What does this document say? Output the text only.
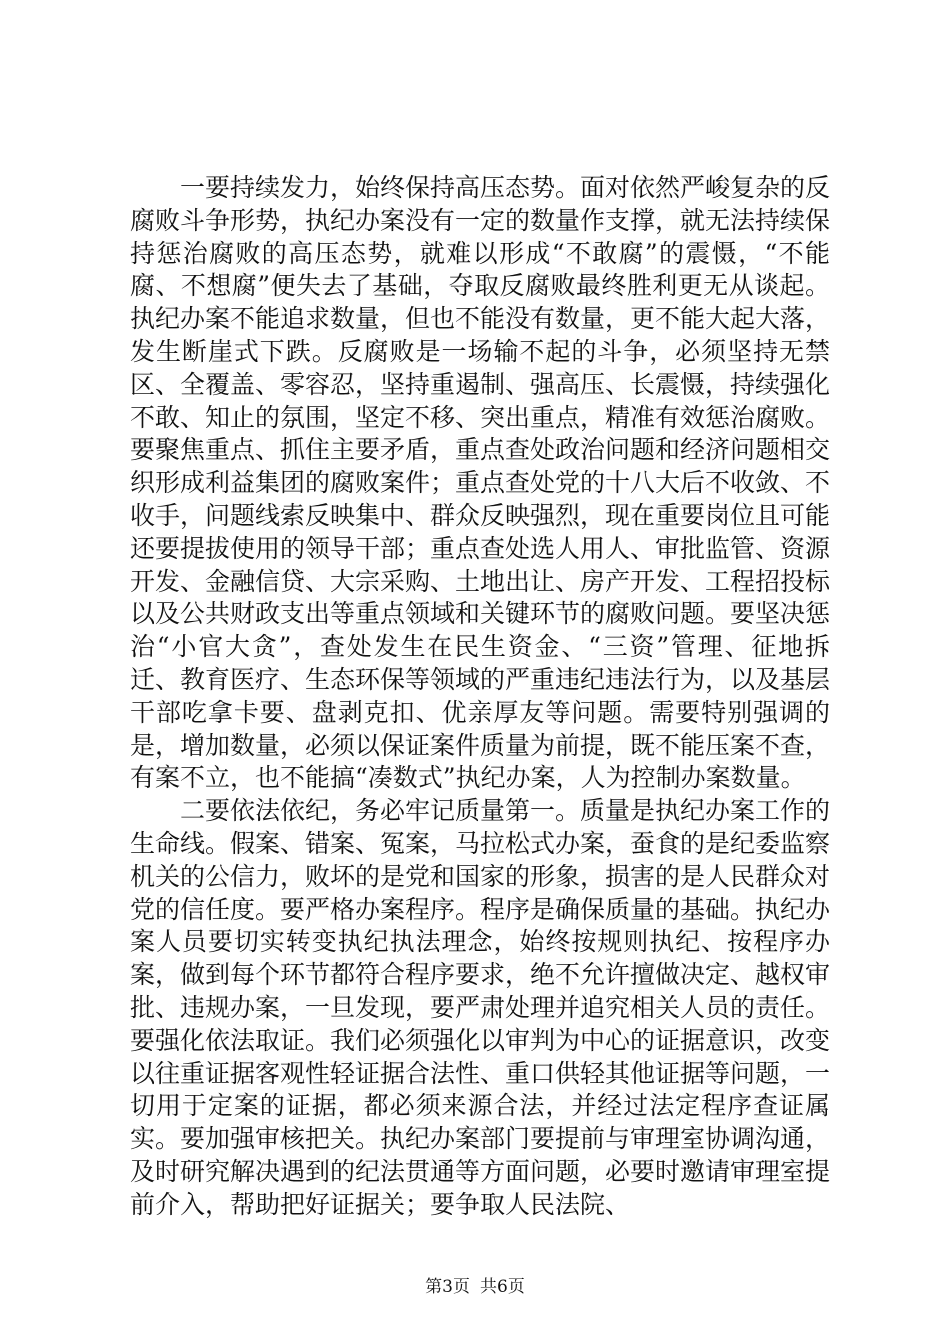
一要持续发力，始终保持高压态势。面对依然严峻复杂的反腐败斗争形势，执纪办案没有一定的数量作支撑，就无法持续保持惩治腐败的高压态势，就难以形成“不敢腐”的震慑，“不能腐、不想腐”便失去了基础，夺取反腐败最终胜利更无从谈起。执纪办案不能追求数量，但也不能没有数量，更不能大起大落，发生断崖式下跌。反腐败是一场输不起的斗争，必须坚持无禁区、全覆盖、零容忍，坚持重遏制、强高压、长震慑，持续强化不敢、知止的氛围，坚定不移、突出重点，精准有效惩治腐败。要聚焦重点、抓住主要矛盾，重点查处政治问题和经济问题相交织形成利益集团的腐败案件；重点查处党的十八大后不收敛、不收手，问题线索反映集中、群众反映强烈，现在重要岗位且可能还要提拔使用的领导干部；重点查处选人用人、审批监管、资源开发、金融信贷、大宗采购、土地出让、房产开发、工程招投标以及公共财政支出等重点领域和关键环节的腐败问题。要坚决惩治“小官大贪”，查处发生在民生资金、“三资”管理、征地拆迁、教育医疗、生态环保等领域的严重违纪违法行为，以及基层干部吃拿卡要、盘剥克扣、优亲厚友等问题。需要特别强调的是，增加数量，必须以保证案件质量为前提，既不能压案不查，有案不立，也不能搞“凑数式”执纪办案，人为控制办案数量。

二要依法依纪，务必牢记质量第一。质量是执纪办案工作的生命线。假案、错案、冤案，马拉松式办案，蚕食的是纪委监察机关的公信力，败坏的是党和国家的形象，损害的是人民群众对党的信任度。要严格办案程序。程序是确保质量的基础。执纪办案人员要切实转变执纪执法理念，始终按规则执纪、按程序办案，做到每个环节都符合程序要求，绝不允许擅做决定、越权审批、违规办案，一旦发现，要严肃处理并追究相关人员的责任。要强化依法取证。我们必须强化以审判为中心的证据意识，改变以往重证据客观性轻证据合法性、重口供轻其他证据等问题，一切用于定案的证据，都必须来源合法，并经过法定程序查证属实。要加强审核把关。执纪办案部门要提前与审理室协调沟通，及时研究解决遇到的纪法贯通等方面问题，必要时邀请审理室提前介入，帮助把好证据关；要争取人民法院、

第3页 共6页
